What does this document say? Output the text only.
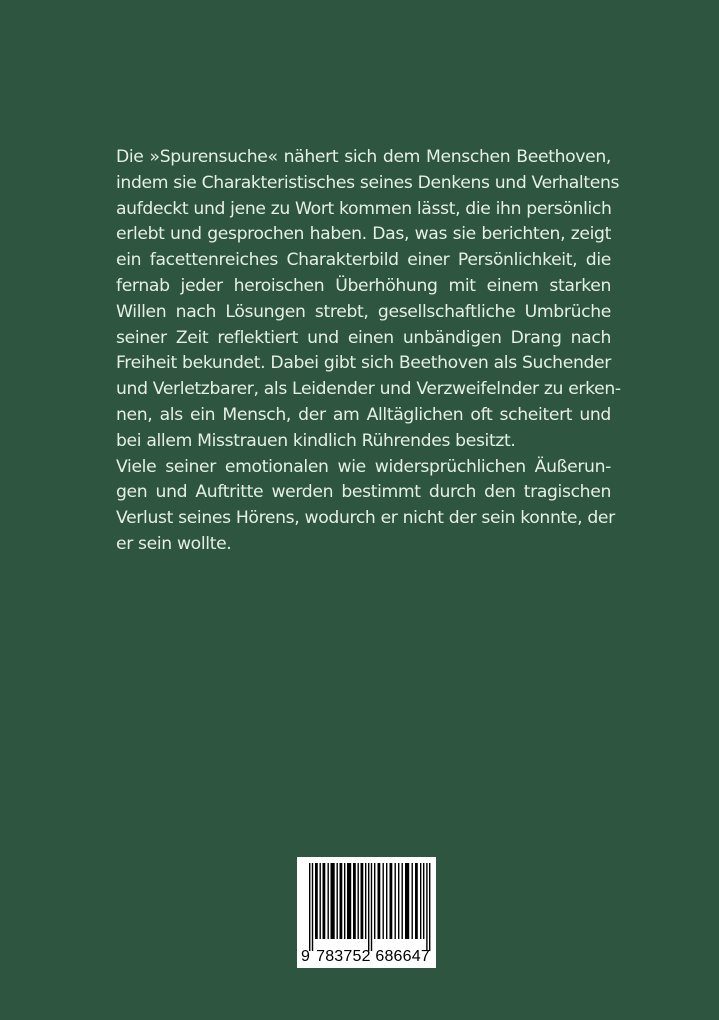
Die »Spurensuche« nähert sich dem Menschen Beethoven,
indem sie Charakteristisches seines Denkens und Verhaltens
aufdeckt und jene zu Wort kommen lässt, die ihn persönlich
erlebt und gesprochen haben. Das, was sie berichten, zeigt
ein facettenreiches Charakterbild einer Persönlichkeit, die
fernab jeder heroischen Überhöhung mit einem starken
Willen nach Lösungen strebt, gesellschaftliche Umbrüche
seiner Zeit reflektiert und einen unbändigen Drang nach
Freiheit bekundet. Dabei gibt sich Beethoven als Suchender
und Verletzbarer, als Leidender und Verzweifelnder zu erken-
nen, als ein Mensch, der am Alltäglichen oft scheitert und
bei allem Misstrauen kindlich Rührendes besitzt.
Viele seiner emotionalen wie widersprüchlichen Äußerun-
gen und Auftritte werden bestimmt durch den tragischen
Verlust seines Hörens, wodurch er nicht der sein konnte, der
er sein wollte.
9 783752 686647
